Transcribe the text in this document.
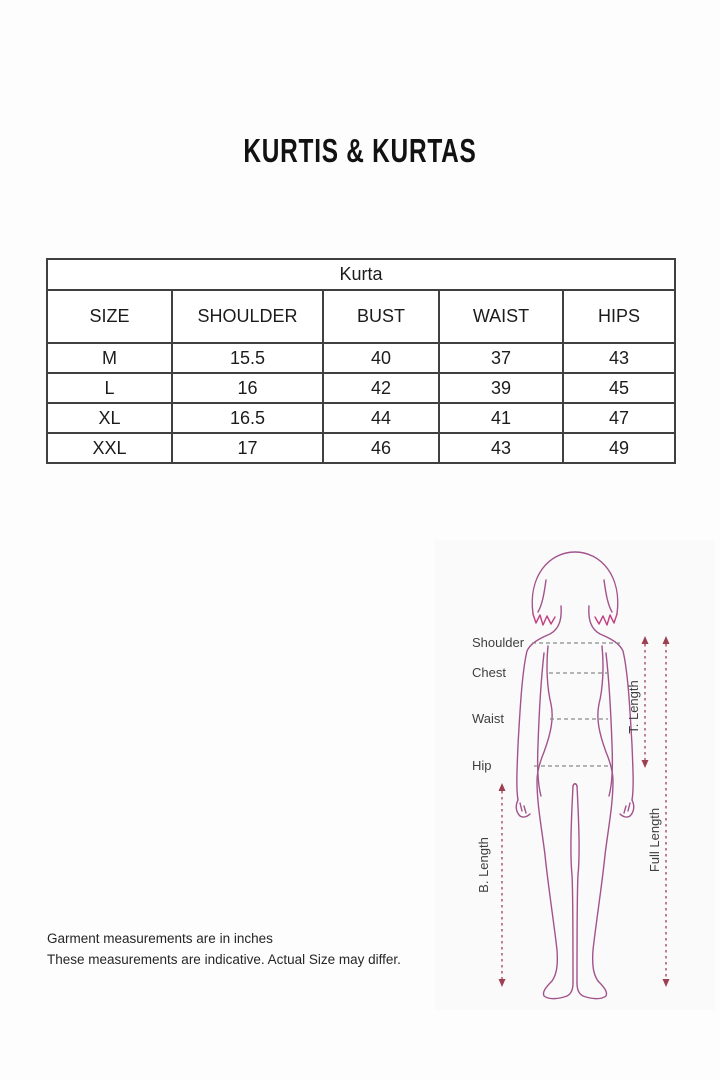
KURTIS & KURTAS
Kurta				
SIZE	SHOULDER	BUST	WAIST	HIPS
M	15.5	40	37	43
L	16	42	39	45
XL	16.5	44	41	47
XXL	17	46	43	49
Shoulder
Chest
Waist
Hip
T. Length
Full Length
B. Length
Garment measurements are in inches
These measurements are indicative. Actual Size may differ.
